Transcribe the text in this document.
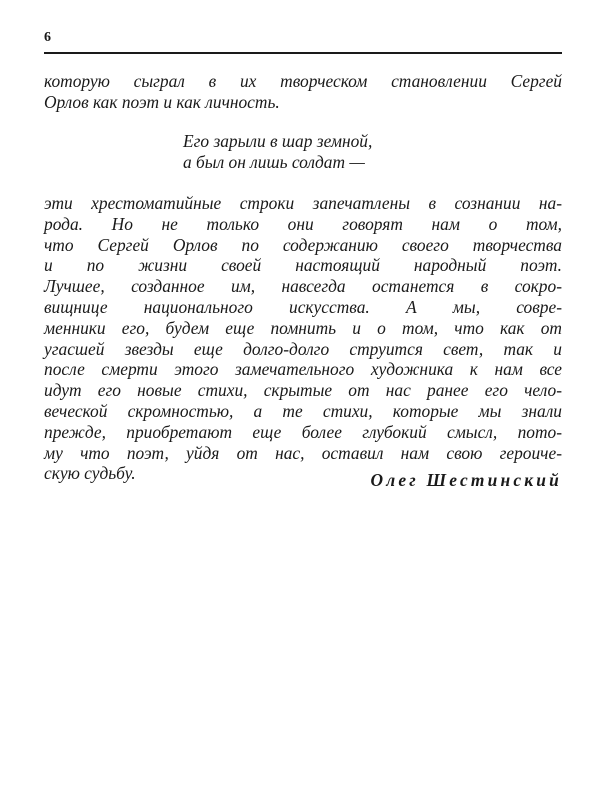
6
которую сыграл в их творческом становлении Сергей
Орлов как поэт и как личность.
Его зарыли в шар земной,
а был он лишь солдат —
эти хрестоматийные строки запечатлены в сознании на-
рода. Но не только они говорят нам о том,
что Сергей Орлов по содержанию своего творчества
и по жизни своей настоящий народный поэт.
Лучшее, созданное им, навсегда останется в сокро-
вищнице национального искусства. А мы, совре-
менники его, будем еще помнить и о том, что как от
угасшей звезды еще долго-долго струится свет, так и
после смерти этого замечательного художника к нам все
идут его новые стихи, скрытые от нас ранее его чело-
веческой скромностью, а те стихи, которые мы знали
прежде, приобретают еще более глубокий смысл, пото-
му что поэт, уйдя от нас, оставил нам свою героиче-
скую судьбу.	Олег Шестинский
